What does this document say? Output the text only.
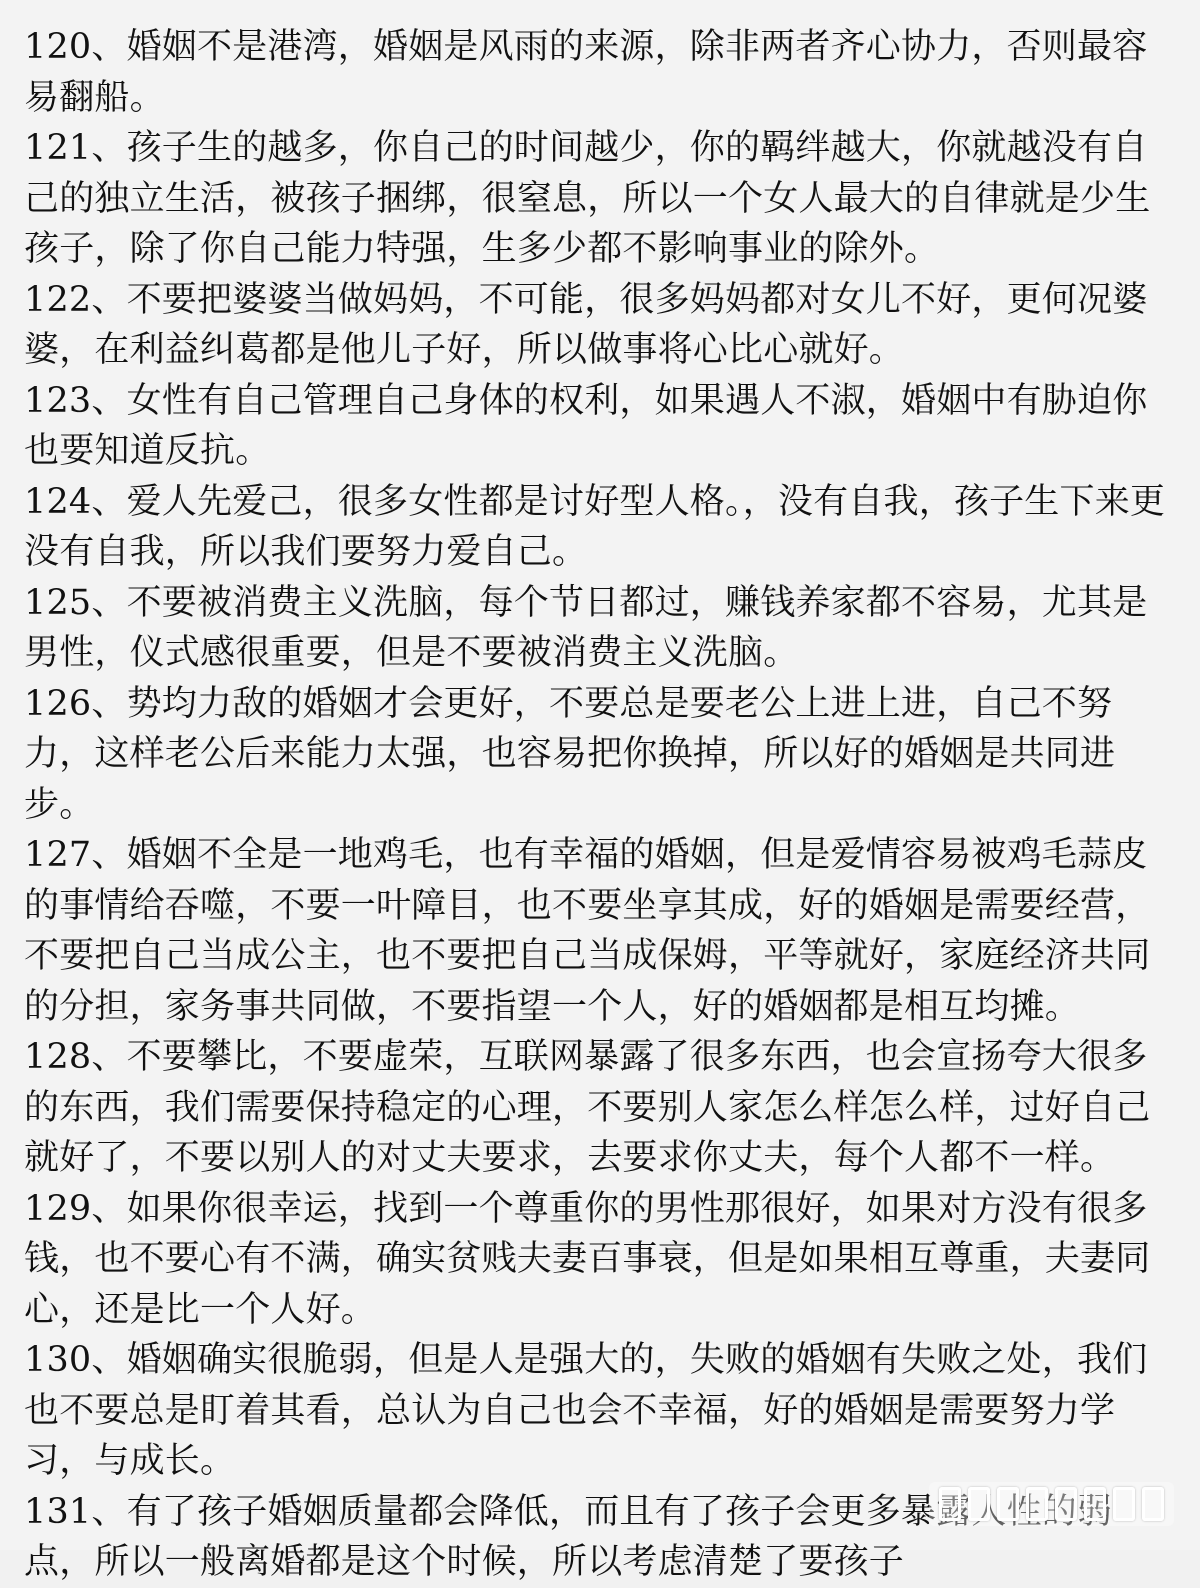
120、婚姻不是港湾，婚姻是风雨的来源，除非两者齐心协力，否则最容易翻船。

121、孩子生的越多，你自己的时间越少，你的羁绊越大，你就越没有自己的独立生活，被孩子捆绑，很窒息，所以一个女人最大的自律就是少生孩子，除了你自己能力特强，生多少都不影响事业的除外。

122、不要把婆婆当做妈妈，不可能，很多妈妈都对女儿不好，更何况婆婆，在利益纠葛都是他儿子好，所以做事将心比心就好。

123、女性有自己管理自己身体的权利，如果遇人不淑，婚姻中有胁迫你也要知道反抗。

124、爱人先爱己，很多女性都是讨好型人格。，没有自我，孩子生下来更没有自我，所以我们要努力爱自己。

125、不要被消费主义洗脑，每个节日都过，赚钱养家都不容易，尤其是男性，仪式感很重要，但是不要被消费主义洗脑。

126、势均力敌的婚姻才会更好，不要总是要老公上进上进，自己不努力，这样老公后来能力太强，也容易把你换掉，所以好的婚姻是共同进步。

127、婚姻不全是一地鸡毛，也有幸福的婚姻，但是爱情容易被鸡毛蒜皮的事情给吞噬，不要一叶障目，也不要坐享其成，好的婚姻是需要经营，不要把自己当成公主，也不要把自己当成保姆，平等就好，家庭经济共同的分担，家务事共同做，不要指望一个人，好的婚姻都是相互均摊。

128、不要攀比，不要虚荣，互联网暴露了很多东西，也会宣扬夸大很多的东西，我们需要保持稳定的心理，不要别人家怎么样怎么样，过好自己就好了，不要以别人的对丈夫要求，去要求你丈夫，每个人都不一样。

129、如果你很幸运，找到一个尊重你的男性那很好，如果对方没有很多钱，也不要心有不满，确实贫贱夫妻百事衰，但是如果相互尊重，夫妻同心，还是比一个人好。

130、婚姻确实很脆弱，但是人是强大的，失败的婚姻有失败之处，我们也不要总是盯着其看，总认为自己也会不幸福，好的婚姻是需要努力学习，与成长。

131、有了孩子婚姻质量都会降低，而且有了孩子会更多暴露人性的弱点，所以一般离婚都是这个时候，所以考虑清楚了要孩子
